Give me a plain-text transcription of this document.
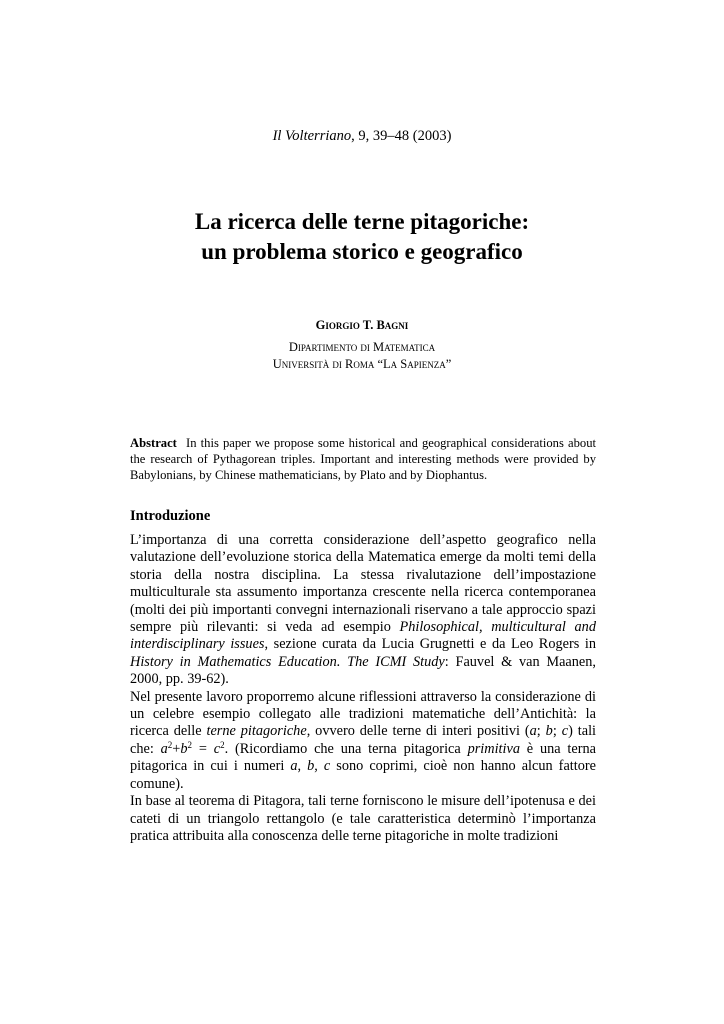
Il Volterriano, 9, 39–48 (2003)
La ricerca delle terne pitagoriche:
un problema storico e geografico
Giorgio T. Bagni
Dipartimento di Matematica
Università di Roma “La Sapienza”
Abstract In this paper we propose some historical and geographical considerations about the research of Pythagorean triples. Important and interesting methods were provided by Babylonians, by Chinese mathematicians, by Plato and by Diophantus.
Introduzione

L’importanza di una corretta considerazione dell’aspetto geografico nella valutazione dell’evoluzione storica della Matematica emerge da molti temi della storia della nostra disciplina. La stessa rivalutazione dell’impostazione multiculturale sta assumento importanza crescente nella ricerca contemporanea (molti dei più importanti convegni internazionali riservano a tale approccio spazi sempre più rilevanti: si veda ad esempio Philosophical, multicultural and interdisciplinary issues, sezione curata da Lucia Grugnetti e da Leo Rogers in History in Mathematics Education. The ICMI Study: Fauvel & van Maanen, 2000, pp. 39-62).

Nel presente lavoro proporremo alcune riflessioni attraverso la considerazione di un celebre esempio collegato alle tradizioni matematiche dell’Antichità: la ricerca delle terne pitagoriche, ovvero delle terne di interi positivi (a; b; c) tali che: $a^2+b^2 = c^2$. (Ricordiamo che una terna pitagorica primitiva è una terna pitagorica in cui i numeri a, b, c sono coprimi, cioè non hanno alcun fattore comune).

In base al teorema di Pitagora, tali terne forniscono le misure dell’ipotenusa e dei cateti di un triangolo rettangolo (e tale caratteristica determinò l’importanza pratica attribuita alla conoscenza delle terne pitagoriche in molte tradizioni
